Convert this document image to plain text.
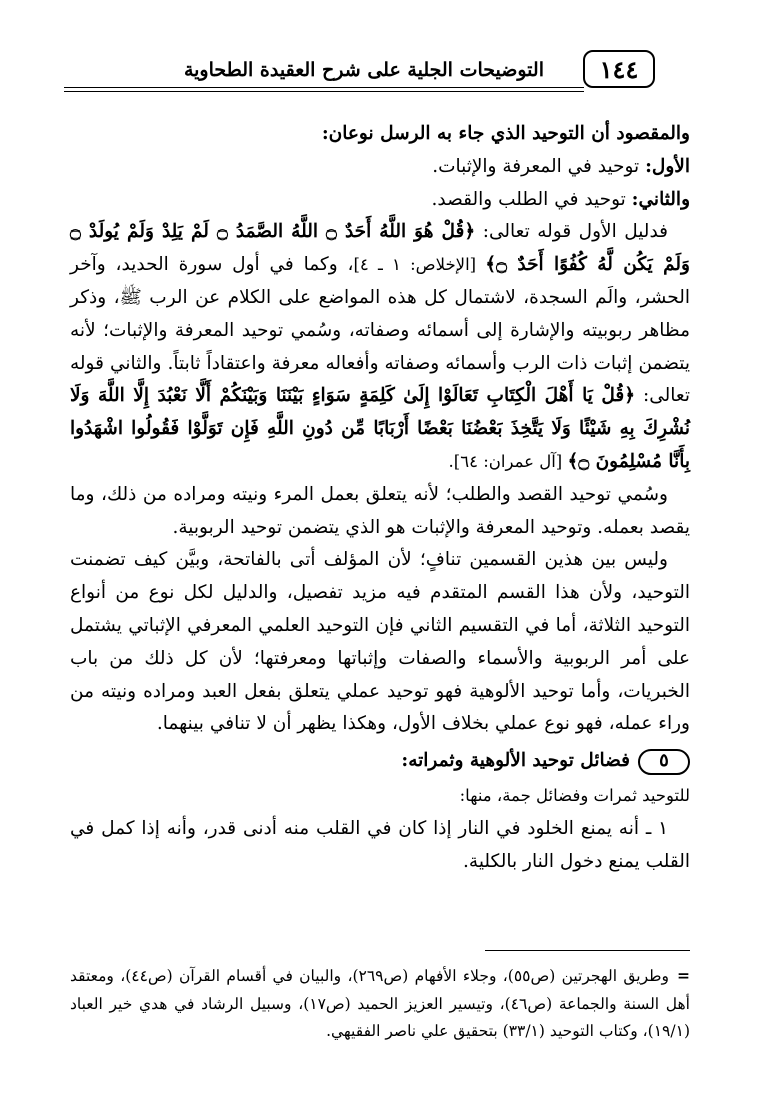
التوضيحات الجلية على شرح العقيدة الطحاوية	١٤٤

والمقصود أن التوحيد الذي جاء به الرسل نوعان:

الأول: توحيد في المعرفة والإثبات.

والثاني: توحيد في الطلب والقصد.

فدليل الأول قوله تعالى: ﴿قُلْ هُوَ اللَّهُ أَحَدٌ ۝ اللَّهُ الصَّمَدُ ۝ لَمْ يَلِدْ وَلَمْ يُولَدْ ۝ وَلَمْ يَكُن لَّهُ كُفُوًا أَحَدٌ ۝﴾ [الإخلاص: ١ ـ ٤]، وكما في أول سورة الحديد، وآخر الحشر، والَم السجدة، لاشتمال كل هذه المواضع على الكلام عن الرب ﷺ، وذكر مظاهر ربوبيته والإشارة إلى أسمائه وصفاته، وسُمي توحيد المعرفة والإثبات؛ لأنه يتضمن إثبات ذات الرب وأسمائه وصفاته وأفعاله معرفة واعتقاداً ثابتاً. والثاني قوله تعالى: ﴿قُلْ يَا أَهْلَ الْكِتَابِ تَعَالَوْا إِلَىٰ كَلِمَةٍ سَوَاءٍ بَيْنَنَا وَبَيْنَكُمْ أَلَّا نَعْبُدَ إِلَّا اللَّهَ وَلَا نُشْرِكَ بِهِ شَيْئًا وَلَا يَتَّخِذَ بَعْضُنَا بَعْضًا أَرْبَابًا مِّن دُونِ اللَّهِ فَإِن تَوَلَّوْا فَقُولُوا اشْهَدُوا بِأَنَّا مُسْلِمُونَ ۝﴾ [آل عمران: ٦٤].

وسُمي توحيد القصد والطلب؛ لأنه يتعلق بعمل المرء ونيته ومراده من ذلك، وما يقصد بعمله. وتوحيد المعرفة والإثبات هو الذي يتضمن توحيد الربوبية.

وليس بين هذين القسمين تنافٍ؛ لأن المؤلف أتى بالفاتحة، وبيَّن كيف تضمنت التوحيد، ولأن هذا القسم المتقدم فيه مزيد تفصيل، والدليل لكل نوع من أنواع التوحيد الثلاثة، أما في التقسيم الثاني فإن التوحيد العلمي المعرفي الإثباتي يشتمل على أمر الربوبية والأسماء والصفات وإثباتها ومعرفتها؛ لأن كل ذلك من باب الخبريات، وأما توحيد الألوهية فهو توحيد عملي يتعلق بفعل العبد ومراده ونيته من وراء عمله، فهو نوع عملي بخلاف الأول، وهكذا يظهر أن لا تنافي بينهما.

٥
فضائل توحيد الألوهية وثمراته:

للتوحيد ثمرات وفضائل جمة، منها:

١ ـ أنه يمنع الخلود في النار إذا كان في القلب منه أدنى قدر، وأنه إذا كمل في القلب يمنع دخول النار بالكلية.

=وطريق الهجرتين (ص٥٥)، وجلاء الأفهام (ص٢٦٩)، والبيان في أقسام القرآن (ص٤٤)، ومعتقد أهل السنة والجماعة (ص٤٦)، وتيسير العزيز الحميد (ص١٧)، وسبيل الرشاد في هدي خير العباد (١٩/١)، وكتاب التوحيد (٣٣/١) بتحقيق علي ناصر الفقيهي.
